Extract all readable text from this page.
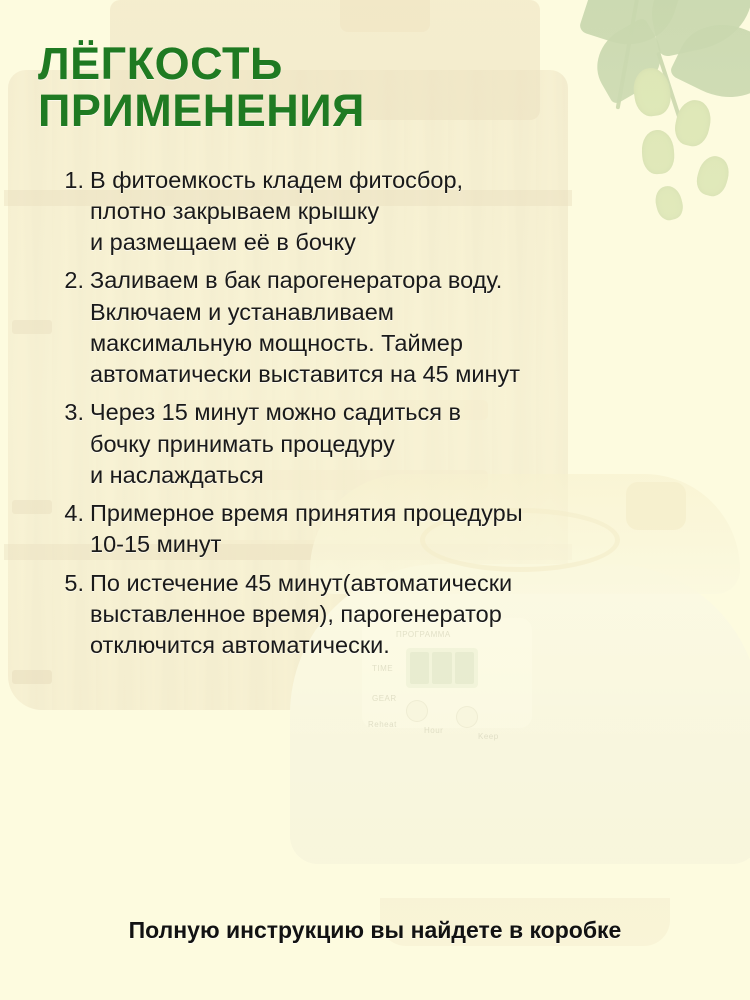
ЛЁГКОСТЬ
ПРИМЕНЕНИЯ
В фитоемкость кладем фитосбор,
плотно закрываем крышку
и размещаем её в бочку
Заливаем в бак парогенератора воду.
Включаем и устанавливаем
максимальную мощность. Таймер
автоматически выставится на 45 минут
Через 15 минут можно садиться в
бочку принимать процедуру
и наслаждаться
Примерное время принятия процедуры
10-15 минут
По истечение 45 минут(автоматически
выставленное время), парогенератор
отключится автоматически.
Полную инструкцию вы найдете в коробке
